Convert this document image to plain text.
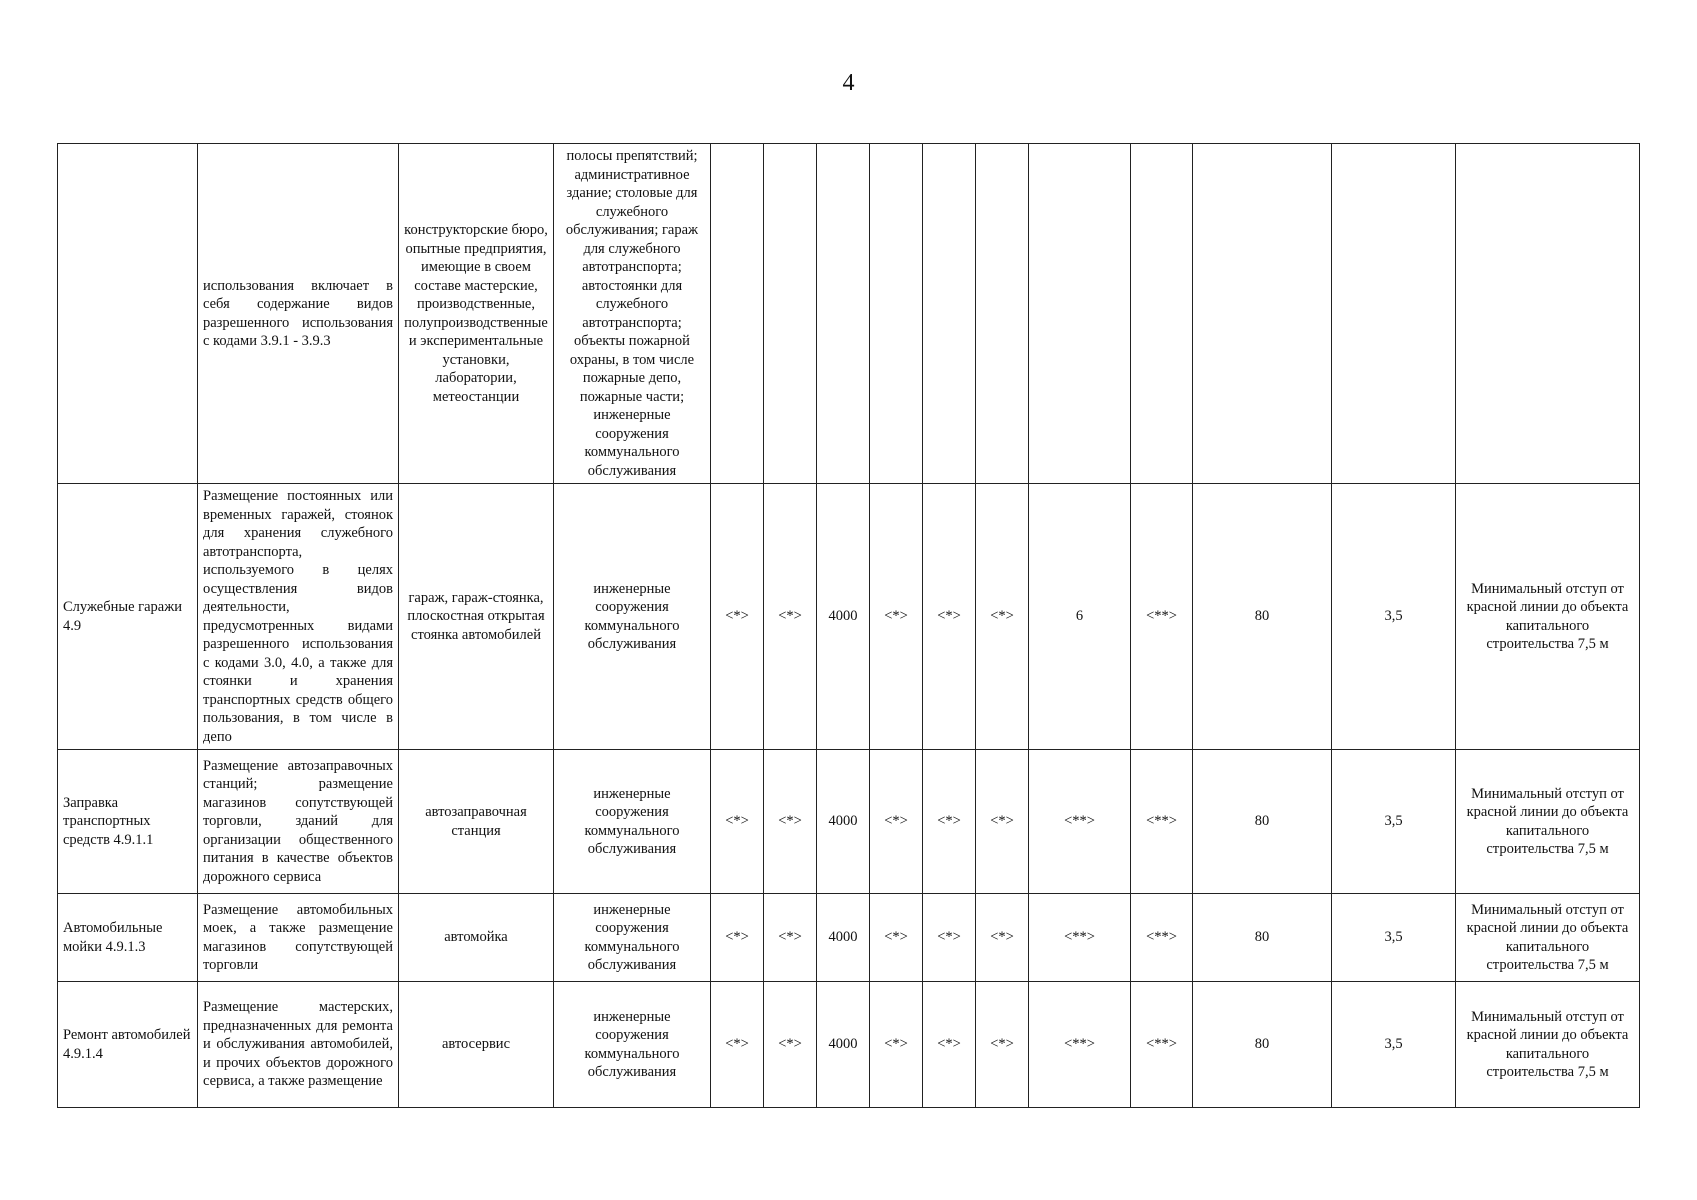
4
	использования включает в себя содержание видов разрешенного использования с кодами 3.9.1 - 3.9.3	конструкторские бюро, опытные предприятия, имеющие в своем составе мастерские, производственные, полупроизводственные и экспериментальные установки, лаборатории, метеостанции	полосы препятствий; административное здание; столовые для служебного обслуживания; гараж для служебного автотранспорта; автостоянки для служебного автотранспорта; объекты пожарной охраны, в том числе пожарные депо, пожарные части; инженерные сооружения коммунального обслуживания											
Служебные гаражи 4.9	Размещение постоянных или временных гаражей, стоянок для хранения служебного автотранспорта, используемого в целях осуществления видов деятельности, предусмотренных видами разрешенного использования с кодами 3.0, 4.0, а также для стоянки и хранения транспортных средств общего пользования, в том числе в депо	гараж, гараж-стоянка, плоскостная открытая стоянка автомобилей	инженерные сооружения коммунального обслуживания	<*>	<*>	4000	<*>	<*>	<*>	6	<**>	80	3,5	Минимальный отступ от красной линии до объекта капитального строительства 7,5 м
Заправка транспортных средств 4.9.1.1	Размещение автозаправочных станций; размещение магазинов сопутствующей торговли, зданий для организации общественного питания в качестве объектов дорожного сервиса	автозаправочная станция	инженерные сооружения коммунального обслуживания	<*>	<*>	4000	<*>	<*>	<*>	<**>	<**>	80	3,5	Минимальный отступ от красной линии до объекта капитального строительства 7,5 м
Автомобильные мойки 4.9.1.3	Размещение автомобильных моек, а также размещение магазинов сопутствующей торговли	автомойка	инженерные сооружения коммунального обслуживания	<*>	<*>	4000	<*>	<*>	<*>	<**>	<**>	80	3,5	Минимальный отступ от красной линии до объекта капитального строительства 7,5 м
Ремонт автомобилей 4.9.1.4	Размещение мастерских, предназначенных для ремонта и обслуживания автомобилей, и прочих объектов дорожного сервиса, а также размещение	автосервис	инженерные сооружения коммунального обслуживания	<*>	<*>	4000	<*>	<*>	<*>	<**>	<**>	80	3,5	Минимальный отступ от красной линии до объекта капитального строительства 7,5 м
